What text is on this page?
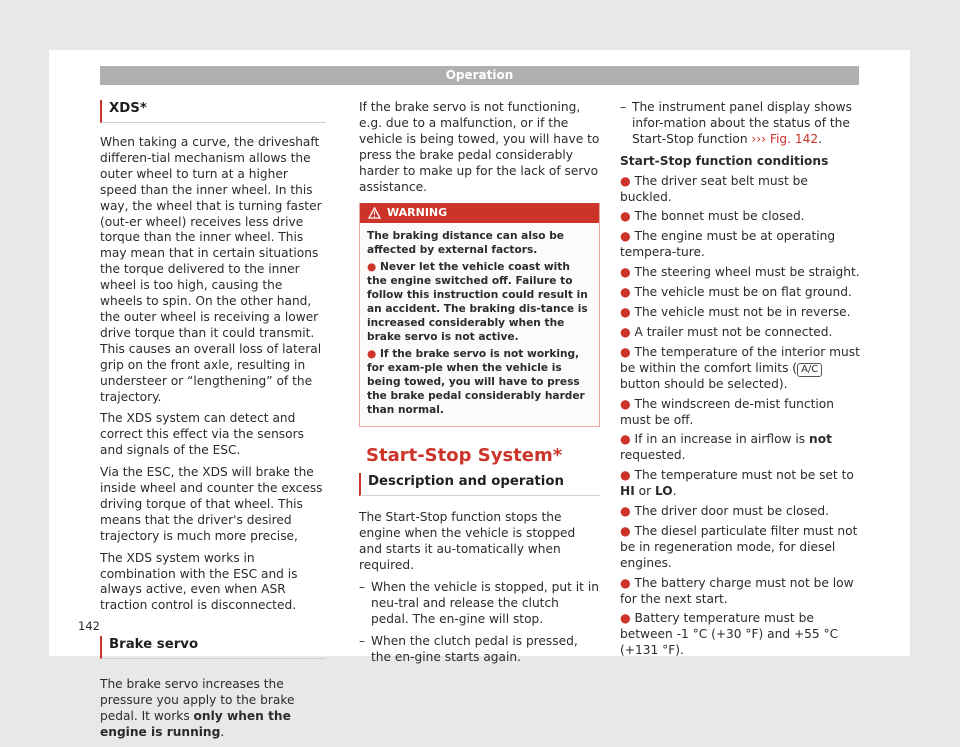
Operation
XDS*

When taking a curve, the driveshaft differen-tial mechanism allows the outer wheel to turn at a higher speed than the inner wheel. In this way, the wheel that is turning faster (out-er wheel) receives less drive torque than the inner wheel. This may mean that in certain situations the torque delivered to the inner wheel is too high, causing the wheels to spin. On the other hand, the outer wheel is receiving a lower drive torque than it could transmit. This causes an overall loss of lateral grip on the front axle, resulting in understeer or “lengthening” of the trajectory.

The XDS system can detect and correct this effect via the sensors and signals of the ESC.

Via the ESC, the XDS will brake the inside wheel and counter the excess driving torque of that wheel. This means that the driver's desired trajectory is much more precise,

The XDS system works in combination with the ESC and is always active, even when ASR traction control is disconnected.

Brake servo

The brake servo increases the pressure you apply to the brake pedal. It works only when the engine is running.

If the brake servo is not functioning, e.g. due to a malfunction, or if the vehicle is being towed, you will have to press the brake pedal considerably harder to make up for the lack of servo assistance.

WARNING

The braking distance can also be affected by external factors.

● Never let the vehicle coast with the engine switched off. Failure to follow this instruction could result in an accident. The braking dis-tance is increased considerably when the brake servo is not active.

● If the brake servo is not working, for exam-ple when the vehicle is being towed, you will have to press the brake pedal considerably harder than normal.

Start-Stop System*
Description and operation

The Start-Stop function stops the engine when the vehicle is stopped and starts it au-tomatically when required.

– When the vehicle is stopped, put it in neu-tral and release the clutch pedal. The en-gine will stop.
– When the clutch pedal is pressed, the en-gine starts again.
– The instrument panel display shows infor-mation about the status of the Start-Stop function ››› Fig. 142.

Start-Stop function conditions

● The driver seat belt must be buckled.
● The bonnet must be closed.
● The engine must be at operating tempera-ture.
● The steering wheel must be straight.
● The vehicle must be on flat ground.
● The vehicle must not be in reverse.
● A trailer must not be connected.
● The temperature of the interior must be within the comfort limits ( A/C button should be selected).
● The windscreen de-mist function must be off.
● If in an increase in airflow is not requested.
● The temperature must not be set to HI or LO.
● The driver door must be closed.
● The diesel particulate filter must not be in regeneration mode, for diesel engines.
● The battery charge must not be low for the next start.
● Battery temperature must be between -1 °C (+30 °F) and +55 °C (+131 °F).
142
